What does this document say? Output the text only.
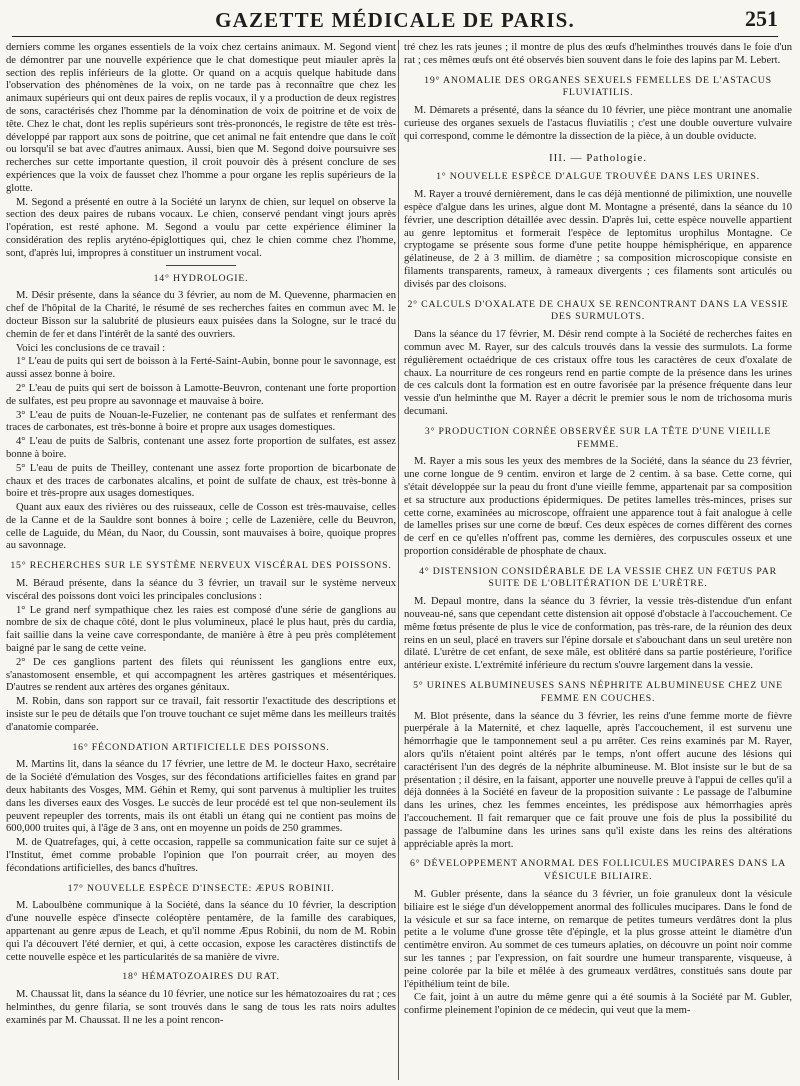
GAZETTE MÉDICALE DE PARIS.	251

derniers comme les organes essentiels de la voix chez certains animaux. M. Segond vient de démontrer par une nouvelle expérience que le chat domestique peut miauler après la section des replis inférieurs de la glotte. Or quand on a acquis quelque habitude dans l'observation des phénomènes de la voix, on ne tarde pas à reconnaître que chez les animaux supérieurs qui ont deux paires de replis vocaux, il y a production de deux registres de sons, caractérisés chez l'homme par la dénomination de voix de poitrine et de voix de tête. Chez le chat, dont les replis supérieurs sont très-prononcés, le registre de tête est très-développé par rapport aux sons de poitrine, que cet animal ne fait entendre que dans le coït ou lorsqu'il se bat avec d'autres animaux. Aussi, bien que M. Segond doive poursuivre ses recherches sur cette importante question, il croit pouvoir dès à présent conclure de ses expériences que la voix de fausset chez l'homme a pour organe les replis supérieurs de la glotte.

M. Segond a présenté en outre à la Société un larynx de chien, sur lequel on observe la section des deux paires de rubans vocaux. Le chien, conservé pendant vingt jours après l'opération, est resté aphone. M. Segond a voulu par cette expérience éliminer la considération des replis aryténo-épiglottiques qui, chez le chien comme chez l'homme, sont, d'après lui, impropres à constituer un instrument vocal.

14° HYDROLOGIE.

M. Désir présente, dans la séance du 3 février, au nom de M. Quevenne, pharmacien en chef de l'hôpital de la Charité, le résumé de ses recherches faites en commun avec M. le docteur Bisson sur la salubrité de plusieurs eaux puisées dans la Sologne, sur le tracé du chemin de fer et dans l'intérêt de la santé des ouvriers.

Voici les conclusions de ce travail :

1° L'eau de puits qui sert de boisson à la Ferté-Saint-Aubin, bonne pour le savonnage, est aussi assez bonne à boire.

2° L'eau de puits qui sert de boisson à Lamotte-Beuvron, contenant une forte proportion de sulfates, est peu propre au savonnage et mauvaise à boire.

3° L'eau de puits de Nouan-le-Fuzelier, ne contenant pas de sulfates et renfermant des traces de carbonates, est très-bonne à boire et propre aux usages domestiques.

4° L'eau de puits de Salbris, contenant une assez forte proportion de sulfates, est assez bonne à boire.

5° L'eau de puits de Theilley, contenant une assez forte proportion de bicarbonate de chaux et des traces de carbonates alcalins, et point de sulfate de chaux, est très-bonne à boire et très-propre aux usages domestiques.

Quant aux eaux des rivières ou des ruisseaux, celle de Cosson est très-mauvaise, celles de la Canne et de la Sauldre sont bonnes à boire ; celle de Lazenière, celle du Beuvron, celle de Laguide, du Méan, du Naor, du Coussin, sont mauvaises à boire, quoique propres au savonnage.

15° RECHERCHES SUR LE SYSTÈME NERVEUX VISCÉRAL DES POISSONS.

M. Béraud présente, dans la séance du 3 février, un travail sur le système nerveux viscéral des poissons dont voici les principales conclusions :

1° Le grand nerf sympathique chez les raies est composé d'une série de ganglions au nombre de six de chaque côté, dont le plus volumineux, placé le plus haut, près du cardia, fait saillie dans la veine cave correspondante, de manière à être à peu près complétement baigné par le sang de cette veine.

2° De ces ganglions partent des filets qui réunissent les ganglions entre eux, s'anastomosent ensemble, et qui accompagnent les artères gastriques et mésentériques. D'autres se rendent aux artères des organes génitaux.

M. Robin, dans son rapport sur ce travail, fait ressortir l'exactitude des descriptions et insiste sur le peu de détails que l'on trouve touchant ce sujet même dans les meilleurs traités d'anatomie comparée.

16° FÉCONDATION ARTIFICIELLE DES POISSONS.

M. Martins lit, dans la séance du 17 février, une lettre de M. le docteur Haxo, secrétaire de la Société d'émulation des Vosges, sur des fécondations artificielles faites en grand par deux habitants des Vosges, MM. Géhin et Remy, qui sont parvenus à multiplier les truites dans les diverses eaux des Vosges. Le succès de leur procédé est tel que non-seulement ils peuvent repeupler des torrents, mais ils ont établi un étang qui ne contient pas moins de 600,000 truites qui, à l'âge de 3 ans, ont en moyenne un poids de 250 grammes.

M. de Quatrefages, qui, à cette occasion, rappelle sa communication faite sur ce sujet à l'Institut, émet comme probable l'opinion que l'on pourrait créer, au moyen des fécondations artificielles, des bancs d'huîtres.

17° NOUVELLE ESPÈCE D'INSECTE: ÆPUS ROBINII.

M. Laboulbène communique à la Société, dans la séance du 10 février, la description d'une nouvelle espèce d'insecte coléoptère pentamère, de la famille des carabiques, appartenant au genre æpus de Leach, et qu'il nomme Æpus Robinii, du nom de M. Robin qui l'a découvert l'été dernier, et qui, à cette occasion, expose les caractères distinctifs de cette nouvelle espèce et les particularités de sa manière de vivre.

18° HÉMATOZOAIRES DU RAT.

M. Chaussat lit, dans la séance du 10 février, une notice sur les hématozoaires du rat ; ces helminthes, du genre filaria, se sont trouvés dans le sang de tous les rats noirs adultes examinés par M. Chaussat. Il ne les a point rencon-

tré chez les rats jeunes ; il montre de plus des œufs d'helminthes trouvés dans le foie d'un rat ; ces mêmes œufs ont été observés bien souvent dans le foie des lapins par M. Lebert.

19° ANOMALIE DES ORGANES SEXUELS FEMELLES DE L'ASTACUS FLUVIATILIS.

M. Démarets a présenté, dans la séance du 10 février, une pièce montrant une anomalie curieuse des organes sexuels de l'astacus fluviatilis ; c'est une double ouverture vulvaire qui correspond, comme le démontre la dissection de la pièce, à un double oviducte.

III. — Pathologie.
1° NOUVELLE ESPÈCE D'ALGUE TROUVÉE DANS LES URINES.

M. Rayer a trouvé dernièrement, dans le cas déjà mentionné de pilimixtion, une nouvelle espèce d'algue dans les urines, algue dont M. Montagne a présenté, dans la séance du 10 février, une description détaillée avec dessin. D'après lui, cette espèce nouvelle appartient au genre leptomitus et formerait l'espèce de leptomitus urophilus Montagne. Ce cryptogame se présente sous forme d'une petite houppe hémisphérique, en apparence gélatineuse, de 2 à 3 millim. de diamètre ; sa composition microscopique consiste en filaments transparents, rameux, à rameaux divergents ; ces filaments sont articulés ou divisés par des cloisons.

2° CALCULS D'OXALATE DE CHAUX SE RENCONTRANT DANS LA VESSIE DES SURMULOTS.

Dans la séance du 17 février, M. Désir rend compte à la Société de recherches faites en commun avec M. Rayer, sur des calculs trouvés dans la vessie des surmulots. La forme régulièrement octaédrique de ces cristaux offre tous les caractères de ceux d'oxalate de chaux. La nourriture de ces rongeurs rend en partie compte de la présence dans les urines de ces calculs dont la formation est en outre favorisée par la présence fréquente dans leur vessie d'un helminthe que M. Rayer a décrit le premier sous le nom de trichosoma muris decumani.

3° PRODUCTION CORNÉE OBSERVÉE SUR LA TÊTE D'UNE VIEILLE FEMME.

M. Rayer a mis sous les yeux des membres de la Société, dans la séance du 23 février, une corne longue de 9 centim. environ et large de 2 centim. à sa base. Cette corne, qui s'était développée sur la peau du front d'une vieille femme, appartenait par sa composition et sa structure aux productions épidermiques. De petites lamelles très-minces, prises sur cette corne, examinées au microscope, offraient une apparence tout à fait analogue à celle de lamelles prises sur une corne de bœuf. Ces deux espèces de cornes diffèrent des cornes de cerf en ce qu'elles n'offrent pas, comme les dernières, des corpuscules osseux et une proportion considérable de phosphate de chaux.

4° DISTENSION CONSIDÉRABLE DE LA VESSIE CHEZ UN FŒTUS PAR SUITE DE L'OBLITÉRATION DE L'URÈTRE.

M. Depaul montre, dans la séance du 3 février, la vessie très-distendue d'un enfant nouveau-né, sans que cependant cette distension ait opposé d'obstacle à l'accouchement. Ce même fœtus présente de plus le vice de conformation, pas très-rare, de la réunion des deux reins en un seul, placé en travers sur l'épine dorsale et s'abouchant dans un seul uretère non dilaté. L'urètre de cet enfant, de sexe mâle, est oblitéré dans sa partie postérieure, l'orifice antérieur existe. L'extrémité inférieure du rectum s'ouvre largement dans la vessie.

5° URINES ALBUMINEUSES SANS NÉPHRITE ALBUMINEUSE CHEZ UNE FEMME EN COUCHES.

M. Blot présente, dans la séance du 3 février, les reins d'une femme morte de fièvre puerpérale à la Maternité, et chez laquelle, après l'accouchement, il est survenu une hémorrhagie que le tamponnement seul a pu arrêter. Ces reins examinés par M. Rayer, alors qu'ils n'étaient point altérés par le temps, n'ont offert aucune des lésions qui caractérisent l'un des degrés de la néphrite albumineuse. M. Blot insiste sur le but de sa présentation ; il désire, en la faisant, apporter une nouvelle preuve à l'appui de celles qu'il a déjà données à la Société en faveur de la proposition suivante : Le passage de l'albumine dans les urines, chez les femmes enceintes, les prédispose aux hémorrhagies après l'accouchement. Il fait remarquer que ce fait prouve une fois de plus la possibilité du passage de l'albumine dans les urines sans qu'il existe dans les reins des altérations appréciable après la mort.

6° DÉVELOPPEMENT ANORMAL DES FOLLICULES MUCIPARES DANS LA VÉSICULE BILIAIRE.

M. Gubler présente, dans la séance du 3 février, un foie granuleux dont la vésicule biliaire est le siége d'un développement anormal des follicules mucipares. Dans le fond de la vésicule et sur sa face interne, on remarque de petites tumeurs verdâtres dont la plus petite a le volume d'une grosse tête d'épingle, et la plus grosse atteint le diamètre d'un centimètre environ. Au sommet de ces tumeurs aplaties, on découvre un point noir comme sur les tannes ; par l'expression, on fait sourdre une humeur transparente, visqueuse, à peine colorée par la bile et mêlée à des grumeaux verdâtres, constitués sans doute par l'épithélium teint de bile.

Ce fait, joint à un autre du même genre qui a été soumis à la Société par M. Gubler, confirme pleinement l'opinion de ce médecin, qui veut que la mem-
